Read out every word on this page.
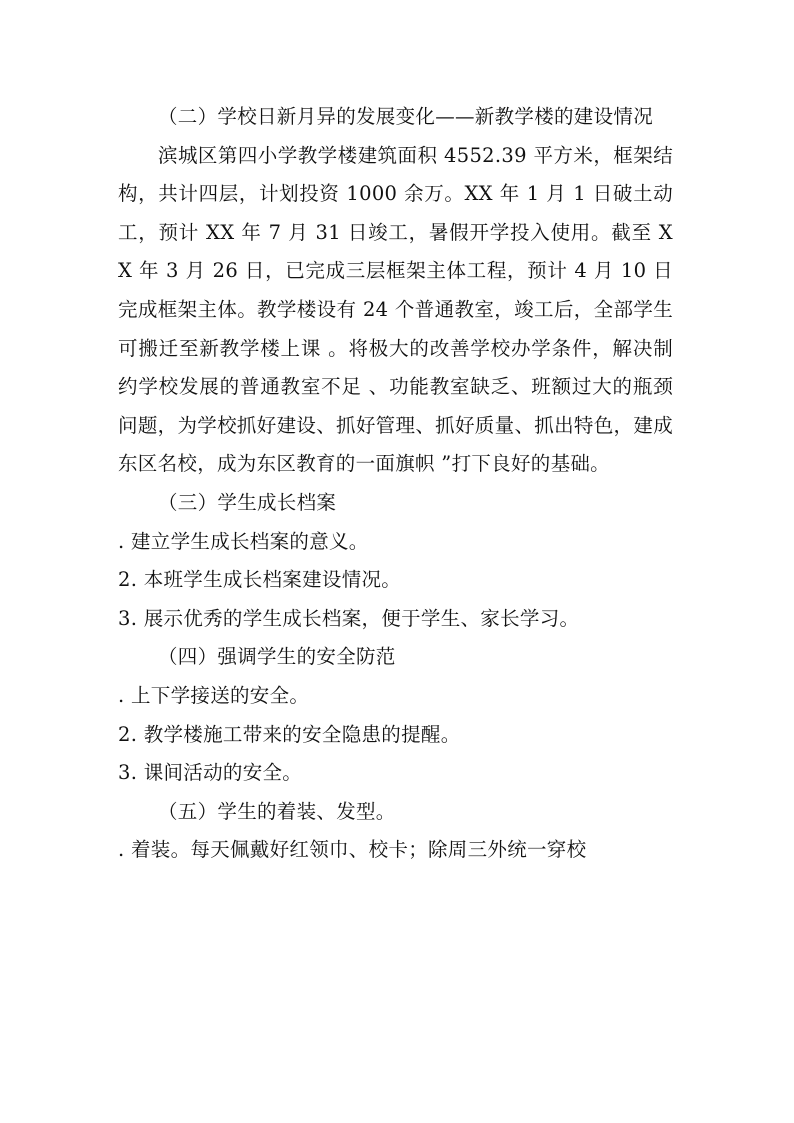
（二）学校日新月异的发展变化——新教学楼的建设情况

滨城区第四小学教学楼建筑面积 4552.39 平方米，框架结构，共计四层，计划投资 1000 余万。XX 年 1 月 1 日破土动工，预计 XX 年 7 月 31 日竣工，暑假开学投入使用。截至 XX 年 3 月 26 日，已完成三层框架主体工程，预计 4 月 10 日完成框架主体。教学楼设有 24 个普通教室，竣工后，全部学生可搬迁至新教学楼上课 。将极大的改善学校办学条件，解决制约学校发展的普通教室不足 、功能教室缺乏、班额过大的瓶颈问题，为学校抓好建设、抓好管理、抓好质量、抓出特色，建成东区名校，成为东区教育的一面旗帜 ”打下良好的基础。

（三）学生成长档案

. 建立学生成长档案的意义。

2. 本班学生成长档案建设情况。

3. 展示优秀的学生成长档案，便于学生、家长学习。

（四）强调学生的安全防范

. 上下学接送的安全。

2. 教学楼施工带来的安全隐患的提醒。

3. 课间活动的安全。

（五）学生的着装、发型。

. 着装。每天佩戴好红领巾、校卡；除周三外统一穿校
